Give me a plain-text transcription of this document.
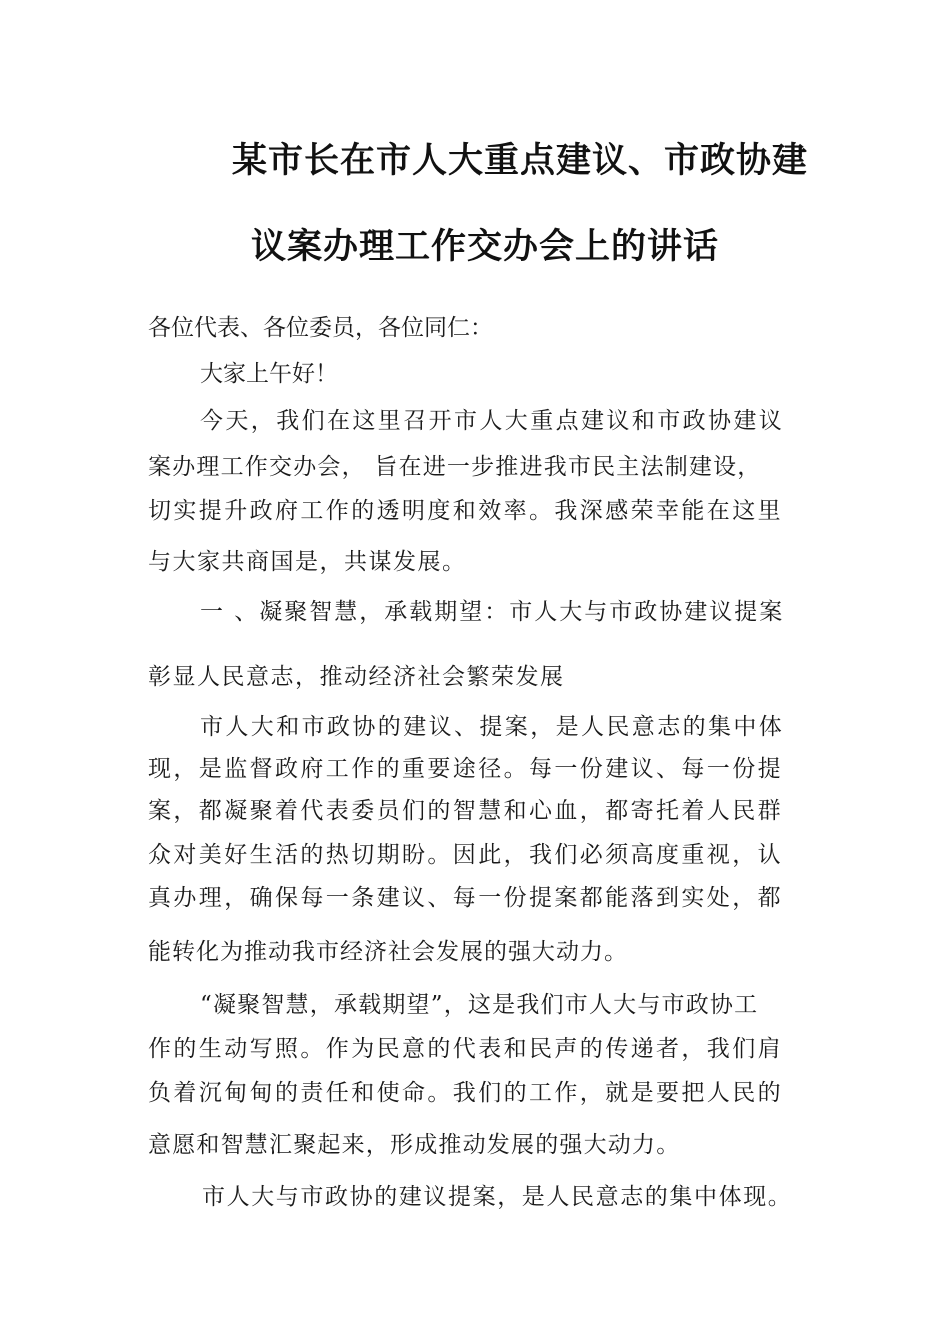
某市长在市人大重点建议、市政协建
议案办理工作交办会上的讲话
各位代表、各位委员，各位同仁：
大家上午好！
今天，我们在这里召开市人大重点建议和市政协建议
案办理工作交办会， 旨在进一步推进我市民主法制建设，
切实提升政府工作的透明度和效率。我深感荣幸能在这里
与大家共商国是，共谋发展。
一 、凝聚智慧，承载期望：市人大与市政协建议提案
彰显人民意志，推动经济社会繁荣发展
市人大和市政协的建议、提案，是人民意志的集中体
现，是监督政府工作的重要途径。每一份建议、每一份提
案，都凝聚着代表委员们的智慧和心血，都寄托着人民群
众对美好生活的热切期盼。因此，我们必须高度重视，认
真办理，确保每一条建议、每一份提案都能落到实处，都
能转化为推动我市经济社会发展的强大动力。
“凝聚智慧，承载期望”，这是我们市人大与市政协工
作的生动写照。作为民意的代表和民声的传递者，我们肩
负着沉甸甸的责任和使命。我们的工作，就是要把人民的
意愿和智慧汇聚起来，形成推动发展的强大动力。
市人大与市政协的建议提案，是人民意志的集中体现。
